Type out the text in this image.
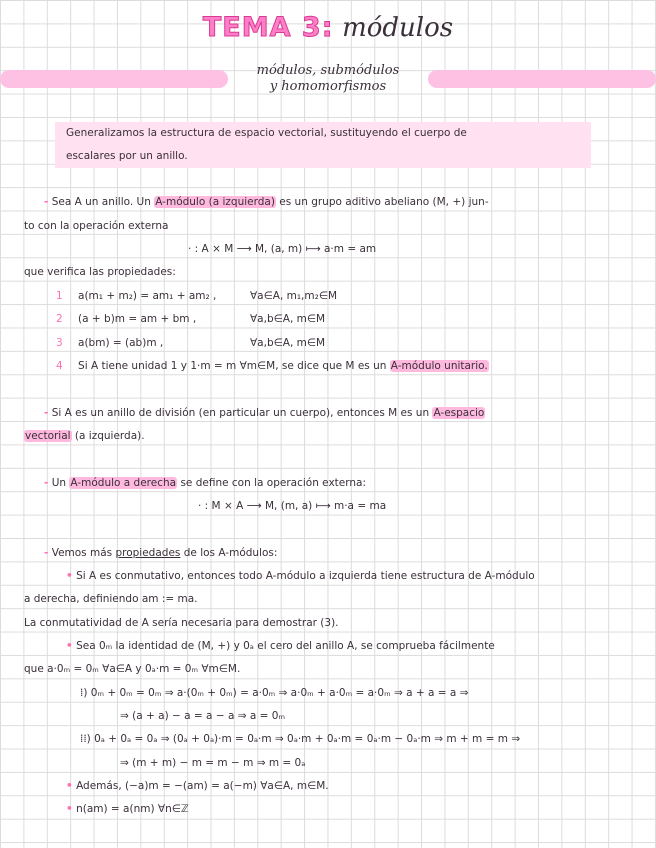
TEMA 3: módulos
módulos, submódulos
y homomorfismos
Generalizamos la estructura de espacio vectorial, sustituyendo el cuerpo de
escalares por un anillo.
- Sea A un anillo. Un A-módulo (a izquierda) es un grupo aditivo abeliano (M, +) jun-
to con la operación externa
· : A × M ⟶ M, (a, m) ⟼ a·m = am
que verifica las propiedades:
1 a(m₁ + m₂) = am₁ + am₂ ,	∀a∈A, m₁,m₂∈M
2 (a + b)m = am + bm ,	∀a,b∈A, m∈M
3 a(bm) = (ab)m ,	∀a,b∈A, m∈M
4 Si A tiene unidad 1 y 1·m = m ∀m∈M, se dice que M es un A-módulo unitario.
- Si A es un anillo de división (en particular un cuerpo), entonces M es un A-espacio
vectorial (a izquierda).
- Un A-módulo a derecha se define con la operación externa:
· : M × A ⟶ M, (m, a) ⟼ m·a = ma
- Vemos más propiedades de los A-módulos:
• Si A es conmutativo, entonces todo A-módulo a izquierda tiene estructura de A-módulo
a derecha, definiendo am := ma.
La conmutatividad de A sería necesaria para demostrar (3).
• Sea 0ₘ la identidad de (M, +) y 0ₐ el cero del anillo A, se comprueba fácilmente
que a·0ₘ = 0ₘ ∀a∈A y 0ₐ·m = 0ₘ ∀m∈M.
⁞) 0ₘ + 0ₘ = 0ₘ ⇒ a·(0ₘ + 0ₘ) = a·0ₘ ⇒ a·0ₘ + a·0ₘ = a·0ₘ ⇒ a + a = a ⇒
⇒ (a + a) − a = a − a ⇒ a = 0ₘ
⁞⁞) 0ₐ + 0ₐ = 0ₐ ⇒ (0ₐ + 0ₐ)·m = 0ₐ·m ⇒ 0ₐ·m + 0ₐ·m = 0ₐ·m − 0ₐ·m ⇒ m + m = m ⇒
⇒ (m + m) − m = m − m ⇒ m = 0ₐ
• Además, (−a)m = −(am) = a(−m) ∀a∈A, m∈M.
• n(am) = a(nm) ∀n∈ℤ
